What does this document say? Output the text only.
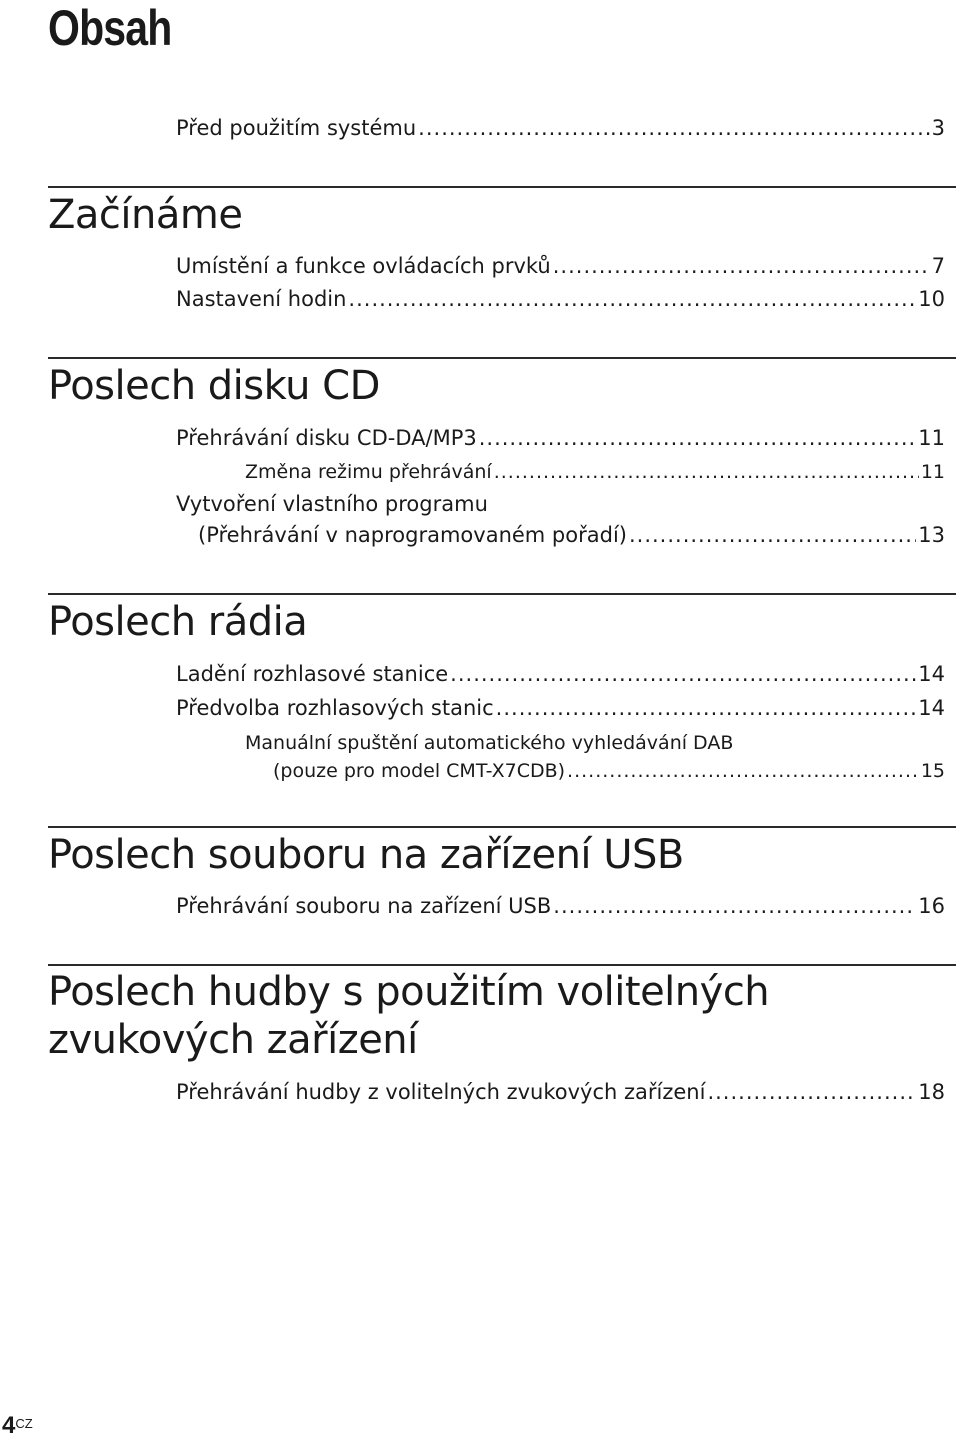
Obsah
Před použitím systému .....	3
Začínáme
Umístění a funkce ovládacích prvků .....	7
Nastavení hodin .....	10
Poslech disku CD
Přehrávání disku CD-DA/MP3 .....	11
Změna režimu přehrávání .....	11
Vytvoření vlastního programu
(Přehrávání v naprogramovaném pořadí) .....	13
Poslech rádia
Ladění rozhlasové stanice .....	14
Předvolba rozhlasových stanic .....	14
Manuální spuštění automatického vyhledávání DAB
(pouze pro model CMT-X7CDB) .....	15
Poslech souboru na zařízení USB
Přehrávání souboru na zařízení USB .....	16
Poslech hudby s použitím volitelných
zvukových zařízení
Přehrávání hudby z volitelných zvukových zařízení .....	18
$4^{CZ}$
